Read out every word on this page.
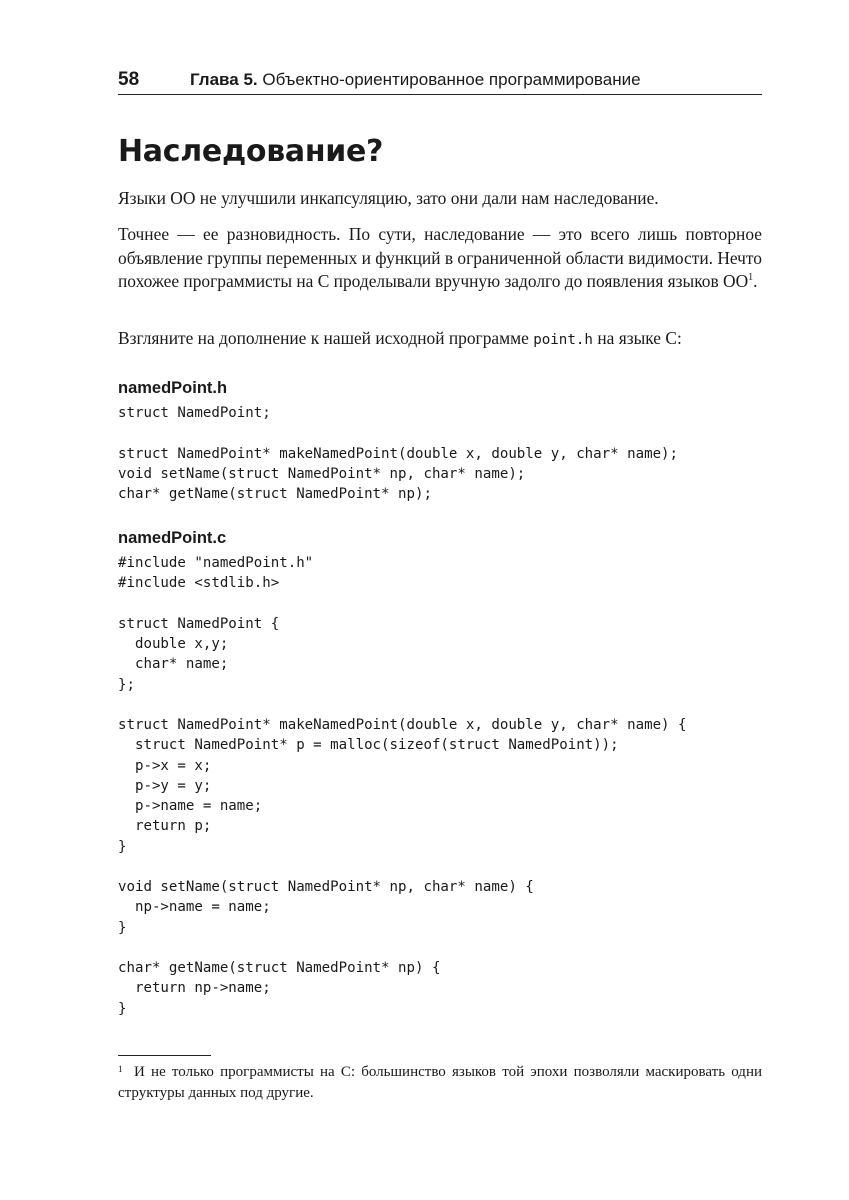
58	Глава 5. Объектно-ориентированное программирование
Наследование?

Языки ОО не улучшили инкапсуляцию, зато они дали нам наследование.

Точнее — ее разновидность. По сути, наследование — это всего лишь повторное объявление группы переменных и функций в ограниченной области видимости. Нечто похожее программисты на C проделывали вручную задолго до появления языков ОО$^1$.

Взгляните на дополнение к нашей исходной программе point.h на языке C:

namedPoint.h
struct NamedPoint;

struct NamedPoint* makeNamedPoint(double x, double y, char* name);
void setName(struct NamedPoint* np, char* name);
char* getName(struct NamedPoint* np);
namedPoint.c
#include "namedPoint.h"
#include <stdlib.h>

struct NamedPoint {
double x,y;
char* name;
};

struct NamedPoint* makeNamedPoint(double x, double y, char* name) {
struct NamedPoint* p = malloc(sizeof(struct NamedPoint));
p->x = x;
p->y = y;
p->name = name;
return p;
}

void setName(struct NamedPoint* np, char* name) {
np->name = name;
}

char* getName(struct NamedPoint* np) {
return np->name;
}
1 И не только программисты на C: большинство языков той эпохи позволяли маскировать одни структуры данных под другие.
